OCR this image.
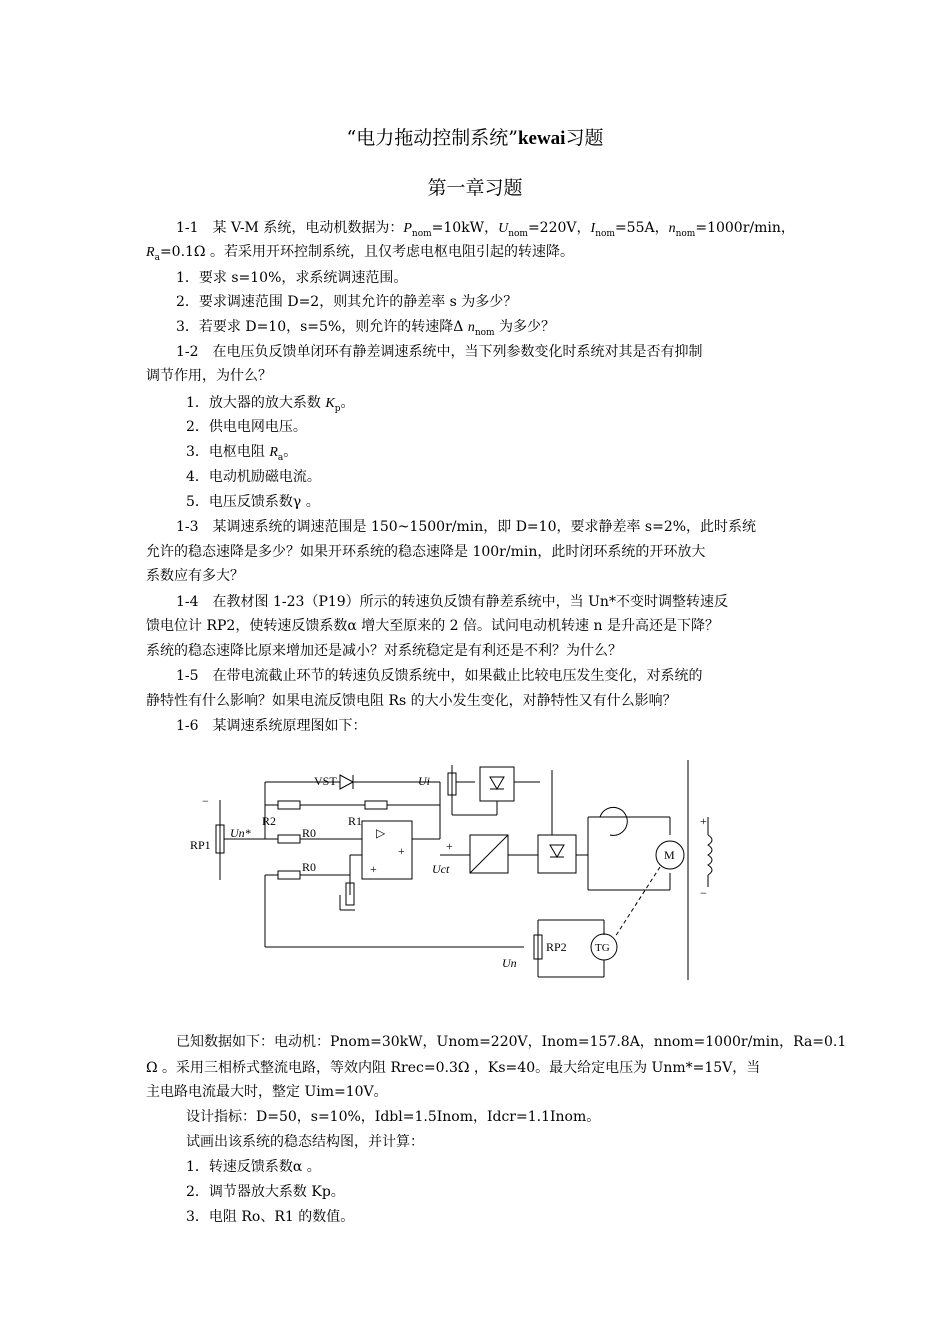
“电力拖动控制系统”kewai习题
第一章习题
1-1　 某 V-M 系统，电动机数据为：$P_{nom}=10kW$，$U_{nom}=220V$，$I_{nom}=55A$，$n_{nom}=1000r/\min$，
$R_a=0.1\Omega$ 。若采用开环控制系统，且仅考虑电枢电阻引起的转速降。
1．要求 s=10%，求系统调速范围。
2．要求调速范围 D=2，则其允许的静差率 s 为多少？
3．若要求 D=10，s=5%，则允许的转速降Δ $n_{nom}$ 为多少？
1-2　在电压负反馈单闭环有静差调速系统中，当下列参数变化时系统对其是否有抑制
调节作用，为什么？
1．放大器的放大系数 $K_p$。
2．供电电网电压。
3．电枢电阻 $R_a$。
4．电动机励磁电流。
5．电压反馈系数γ 。
1-3　某调速系统的调速范围是 150~1500r/min，即 D=10，要求静差率 s=2%，此时系统
允许的稳态速降是多少？如果开环系统的稳态速降是 100r/min，此时闭环系统的开环放大
系数应有多大？
1-4　在教材图 1-23（P19）所示的转速负反馈有静差系统中，当 Un*不变时调整转速反
馈电位计 RP2，使转速反馈系数α 增大至原来的 2 倍。试问电动机转速 n 是升高还是下降？
系统的稳态速降比原来增加还是减小？对系统稳定是有利还是不利？为什么？
1-5　在带电流截止环节的转速负反馈系统中，如果截止比较电压发生变化，对系统的
静特性有什么影响？如果电流反馈电阻 Rs 的大小发生变化，对静特性又有什么影响？
1-6　某调速系统原理图如下：
VST
R2	R1
R0
R0
RP1
Un*
Ui
Uct
M
TG
RP2
Un
▷
+
+	+
−
+
−
已知数据如下：电动机：Pnom=30kW，Unom=220V，Inom=157.8A，nnom=1000r/min，Ra=0.1
Ω 。采用三相桥式整流电路，等效内阻 Rrec=0.3Ω ，Ks=40。最大给定电压为 Unm*=15V，当
主电路电流最大时，整定 Uim=10V。
设计指标：D=50，s=10%，Idbl=1.5Inom，Idcr=1.1Inom。
试画出该系统的稳态结构图，并计算：
1．转速反馈系数α 。
2．调节器放大系数 Kp。
3．电阻 Ro、R1 的数值。
